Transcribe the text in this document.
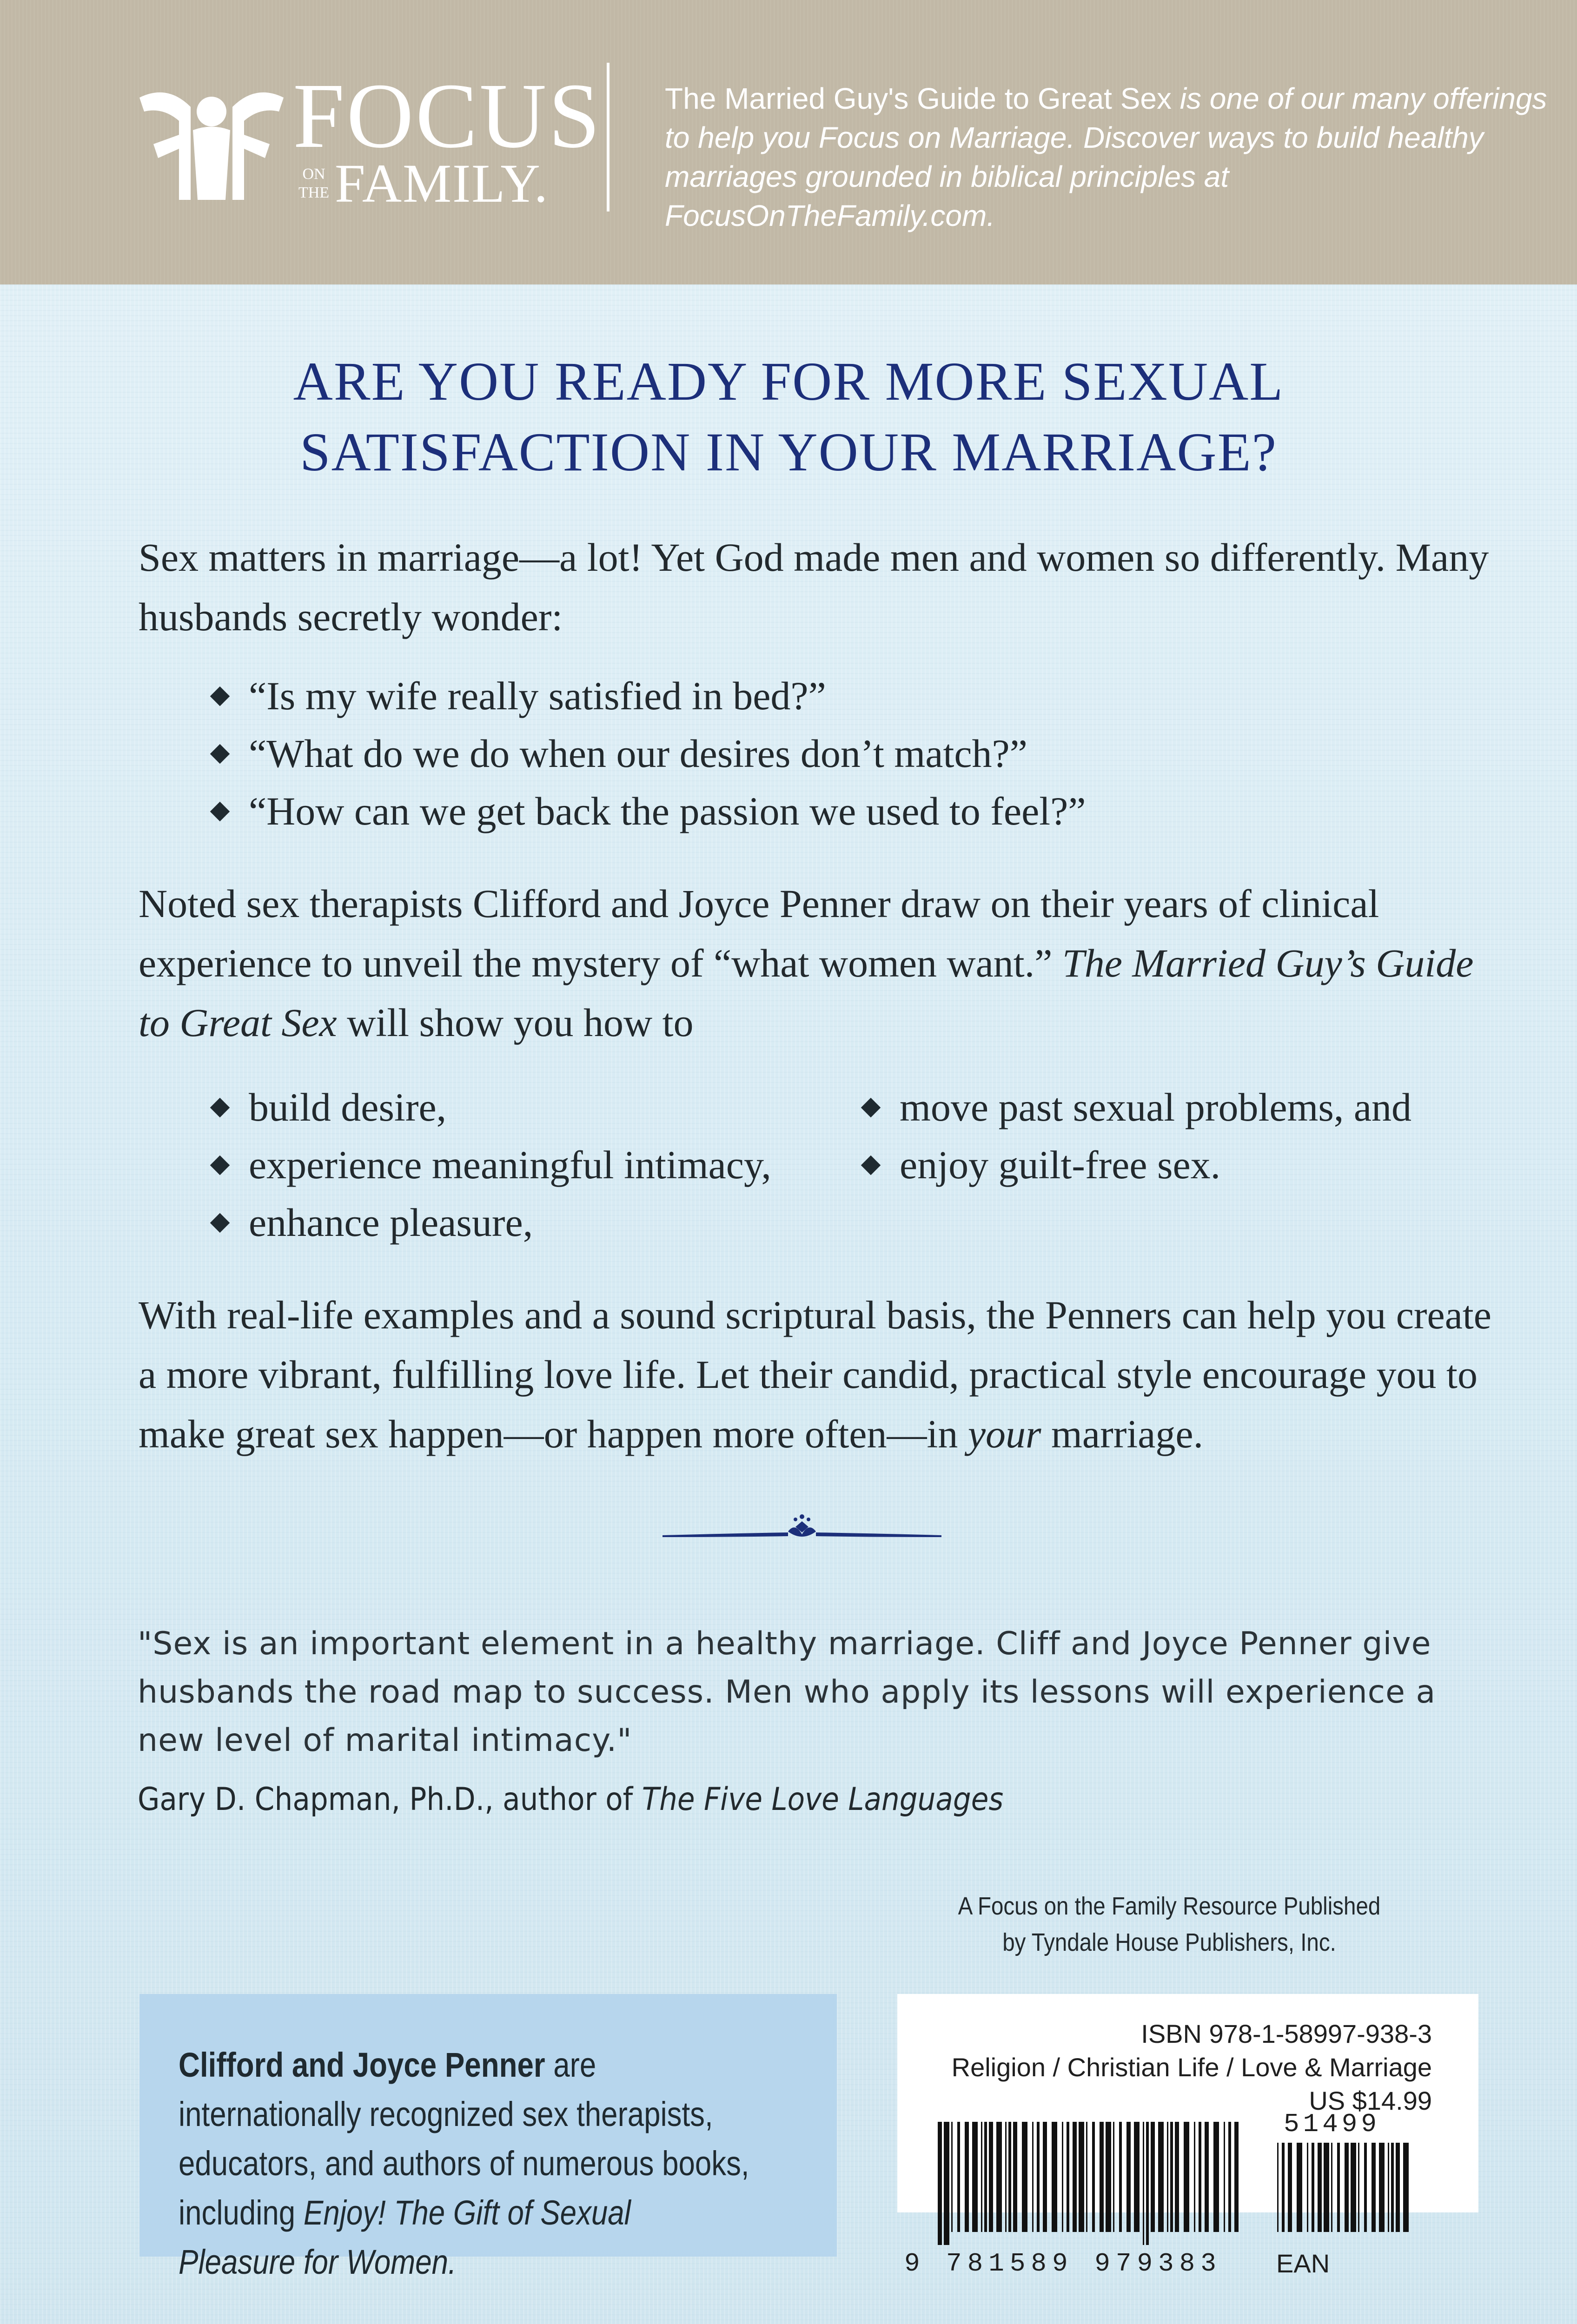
FOCUS
ON THE FAMILY.
The Married Guy's Guide to Great Sex is one of our many offerings to help you Focus on Marriage. Discover ways to build healthy marriages grounded in biblical principles at FocusOnTheFamily.com.
ARE YOU READY FOR MORE SEXUAL
SATISFACTION IN YOUR MARRIAGE?
Sex matters in marriage—a lot! Yet God made men and women so differently. Many husbands secretly wonder:
“Is my wife really satisfied in bed?”
“What do we do when our desires don’t match?”
“How can we get back the passion we used to feel?”
Noted sex therapists Clifford and Joyce Penner draw on their years of clinical experience to unveil the mystery of “what women want.” The Married Guy’s Guide to Great Sex will show you how to
build desire,
experience meaningful intimacy,
enhance pleasure,
move past sexual problems, and
enjoy guilt-free sex.
With real-life examples and a sound scriptural basis, the Penners can help you create a more vibrant, fulfilling love life. Let their candid, practical style encourage you to make great sex happen—or happen more often—in your marriage.
"Sex is an important element in a healthy marriage. Cliff and Joyce Penner give husbands the road map to success. Men who apply its lessons will experience a new level of marital intimacy."
Gary D. Chapman, Ph.D., author of The Five Love Languages
A Focus on the Family Resource Published
by Tyndale House Publishers, Inc.
Clifford and Joyce Penner are internationally recognized sex therapists, educators, and authors of numerous books, including Enjoy! The Gift of Sexual Pleasure for Women.
ISBN 978-1-58997-938-3
Religion / Christian Life / Love & Marriage
US $14.99
51499
9 781589 979383 EAN
